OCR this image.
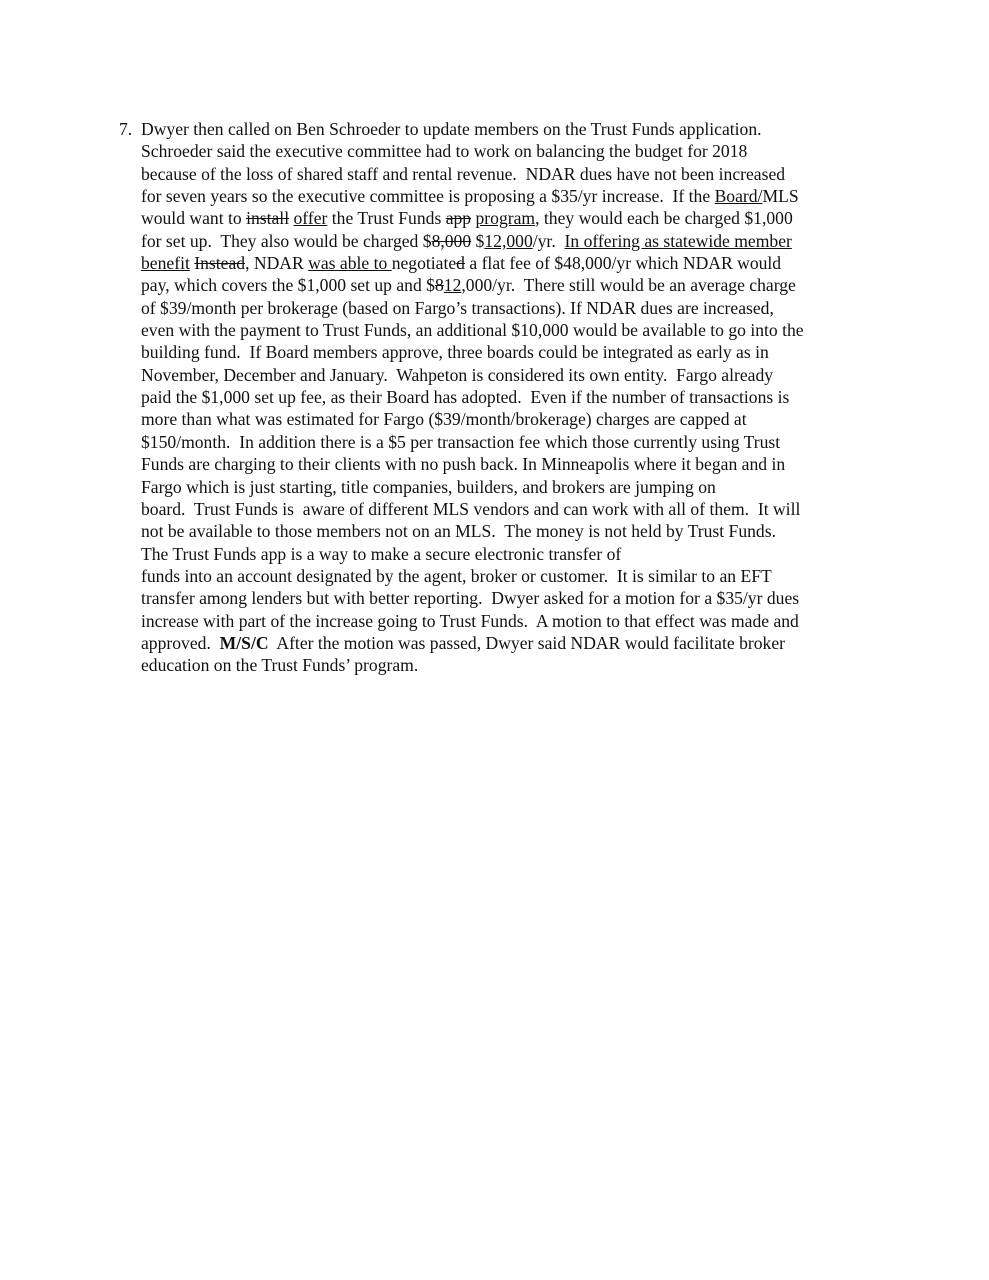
7. Dwyer then called on Ben Schroeder to update members on the Trust Funds application.
Schroeder said the executive committee had to work on balancing the budget for 2018
because of the loss of shared staff and rental revenue.  NDAR dues have not been increased
for seven years so the executive committee is proposing a $35/yr increase.  If the Board/MLS
would want to install offer the Trust Funds app program, they would each be charged $1,000
for set up.  They also would be charged $8,000 $12,000/yr.  In offering as statewide member
benefit Instead, NDAR was able to negotiated a flat fee of $48,000/yr which NDAR would
pay, which covers the $1,000 set up and $812,000/yr.  There still would be an average charge
of $39/month per brokerage (based on Fargo’s transactions). If NDAR dues are increased,
even with the payment to Trust Funds, an additional $10,000 would be available to go into the
building fund.  If Board members approve, three boards could be integrated as early as in
November, December and January.  Wahpeton is considered its own entity.  Fargo already
paid the $1,000 set up fee, as their Board has adopted.  Even if the number of transactions is
more than what was estimated for Fargo ($39/month/brokerage) charges are capped at
$150/month.  In addition there is a $5 per transaction fee which those currently using Trust
Funds are charging to their clients with no push back. In Minneapolis where it began and in
Fargo which is just starting, title companies, builders, and brokers are jumping on
board.  Trust Funds is  aware of different MLS vendors and can work with all of them.  It will
not be available to those members not on an MLS.  The money is not held by Trust Funds.
The Trust Funds app is a way to make a secure electronic transfer of
funds into an account designated by the agent, broker or customer.  It is similar to an EFT
transfer among lenders but with better reporting.  Dwyer asked for a motion for a $35/yr dues
increase with part of the increase going to Trust Funds.  A motion to that effect was made and
approved.  M/S/C  After the motion was passed, Dwyer said NDAR would facilitate broker
education on the Trust Funds’ program.
